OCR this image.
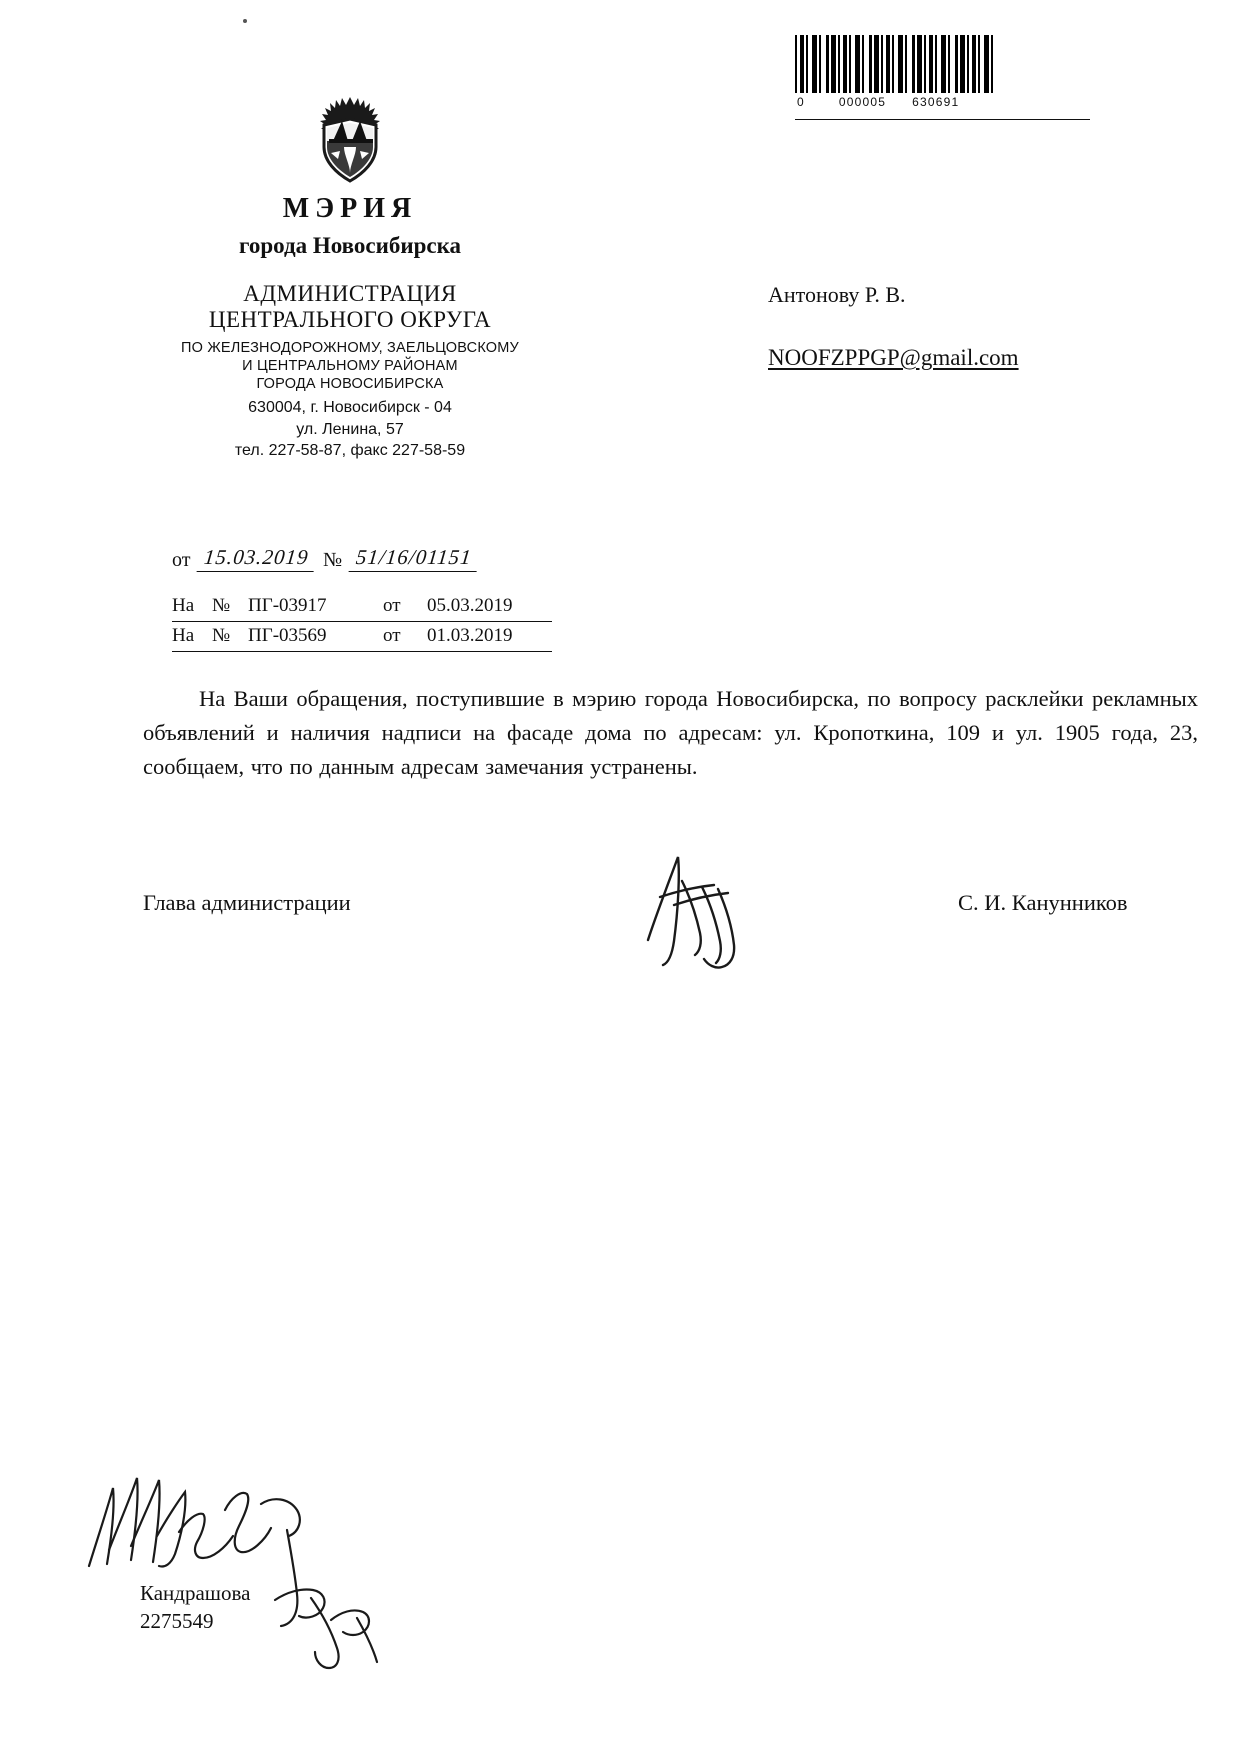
0	000005 630691
МЭРИЯ
города Новосибирска
АДМИНИСТРАЦИЯ
ЦЕНТРАЛЬНОГО ОКРУГА
ПО ЖЕЛЕЗНОДОРОЖНОМУ, ЗАЕЛЬЦОВСКОМУ
И ЦЕНТРАЛЬНОМУ РАЙОНАМ
ГОРОДА НОВОСИБИРСКА
630004, г. Новосибирск - 04
ул. Ленина, 57
тел. 227-58-87, факс 227-58-59
от 15.03.2019 № 51/16/01151
На № ПГ-03917	от	05.03.2019
На № ПГ-03569	от	01.03.2019
Антонову Р. В.
NOOFZPPGP@gmail.com
На Ваши обращения, поступившие в мэрию города Новосибирска, по вопросу расклейки рекламных объявлений и наличия надписи на фасаде дома по адресам: ул. Кропоткина, 109 и ул. 1905 года, 23, сообщаем, что по данным адресам замечания устранены.
Глава администрации	С. И. Канунников
Кандрашова
2275549
